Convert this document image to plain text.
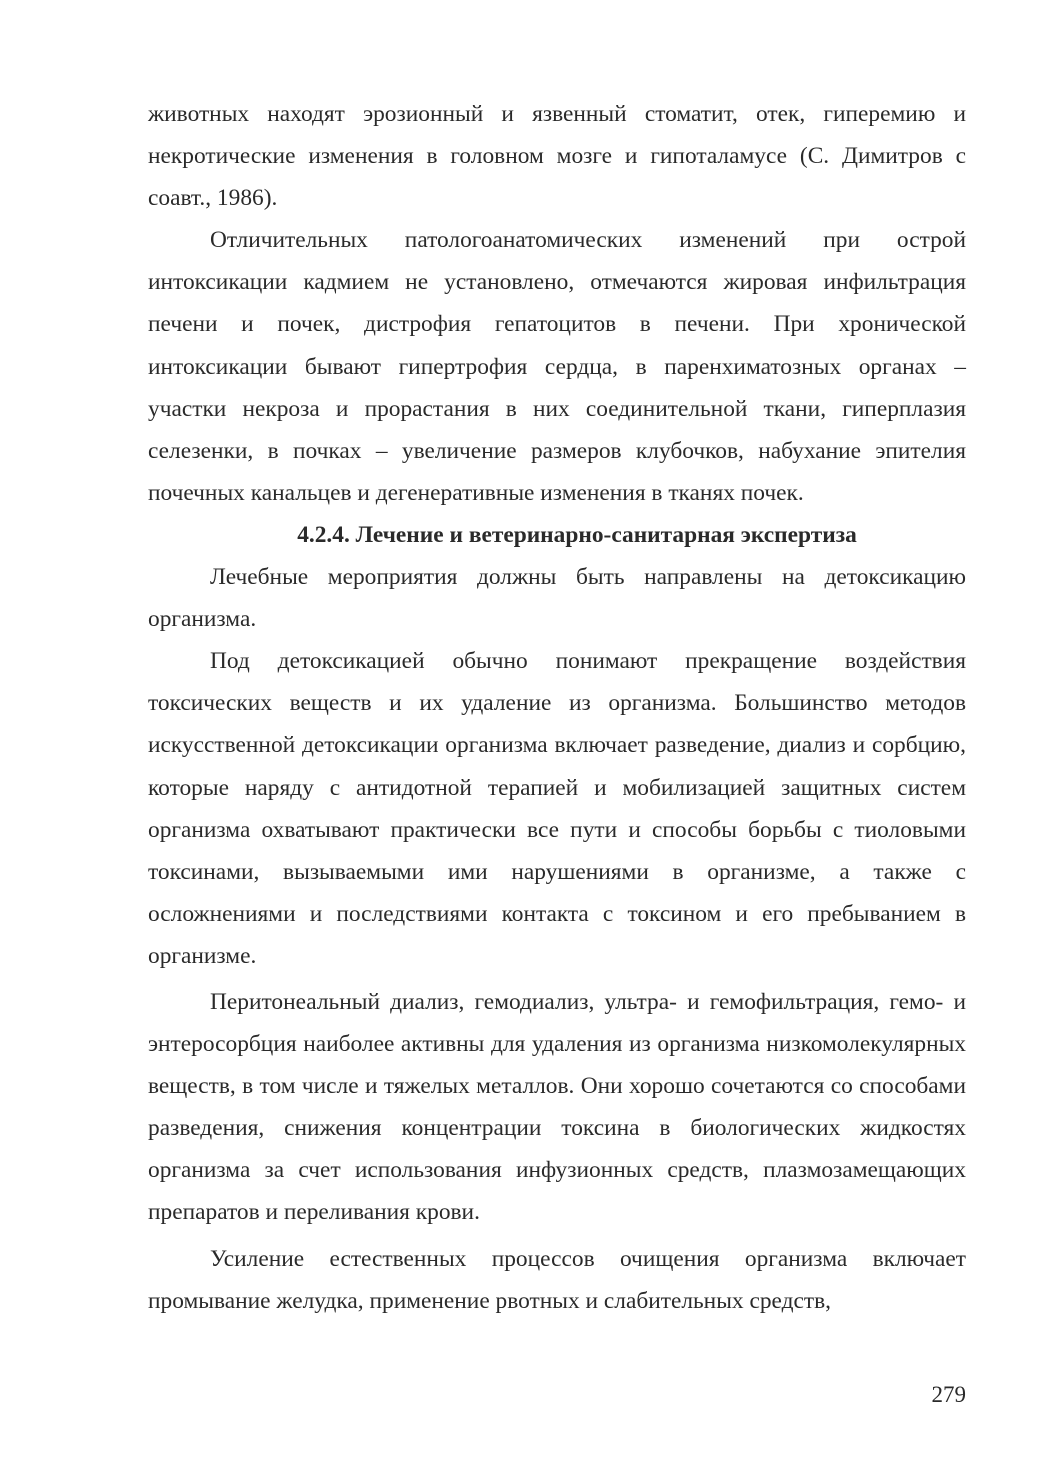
животных находят эрозионный и язвенный стоматит, отек, гиперемию и некротические изменения в головном мозге и гипоталамусе (С. Димитров с соавт., 1986).

Отличительных патологоанатомических изменений при острой интоксикации кадмием не установлено, отмечаются жировая инфильтрация печени и почек, дистрофия гепатоцитов в печени. При хронической интоксикации бывают гипертрофия сердца, в паренхиматозных органах – участки некроза и прорастания в них соединительной ткани, гиперплазия селезенки, в почках – увеличение размеров клубочков, набухание эпителия почечных канальцев и дегенеративные изменения в тканях почек.

4.2.4. Лечение и ветеринарно-санитарная экспертиза

Лечебные мероприятия должны быть направлены на детоксикацию организма.

Под детоксикацией обычно понимают прекращение воздействия токсических веществ и их удаление из организма. Большинство методов искусственной детоксикации организма включает разведение, диализ и сорбцию, которые наряду с антидотной терапией и мобилизацией защитных систем организма охватывают практически все пути и способы борьбы с тиоловыми токсинами, вызываемыми ими нарушениями в организме, а также с осложнениями и последствиями контакта с токсином и его пребыванием в организме.

Перитонеальный диализ, гемодиализ, ультра- и гемофильтрация, гемо- и энтеросорбция наиболее активны для удаления из организма низкомолекулярных веществ, в том числе и тяжелых металлов. Они хорошо сочетаются со способами разведения, снижения концентрации токсина в биологических жидкостях организма за счет использования инфузионных средств, плазмозамещающих препаратов и переливания крови.

Усиление естественных процессов очищения организма включает промывание желудка, применение рвотных и слабительных средств,

279
